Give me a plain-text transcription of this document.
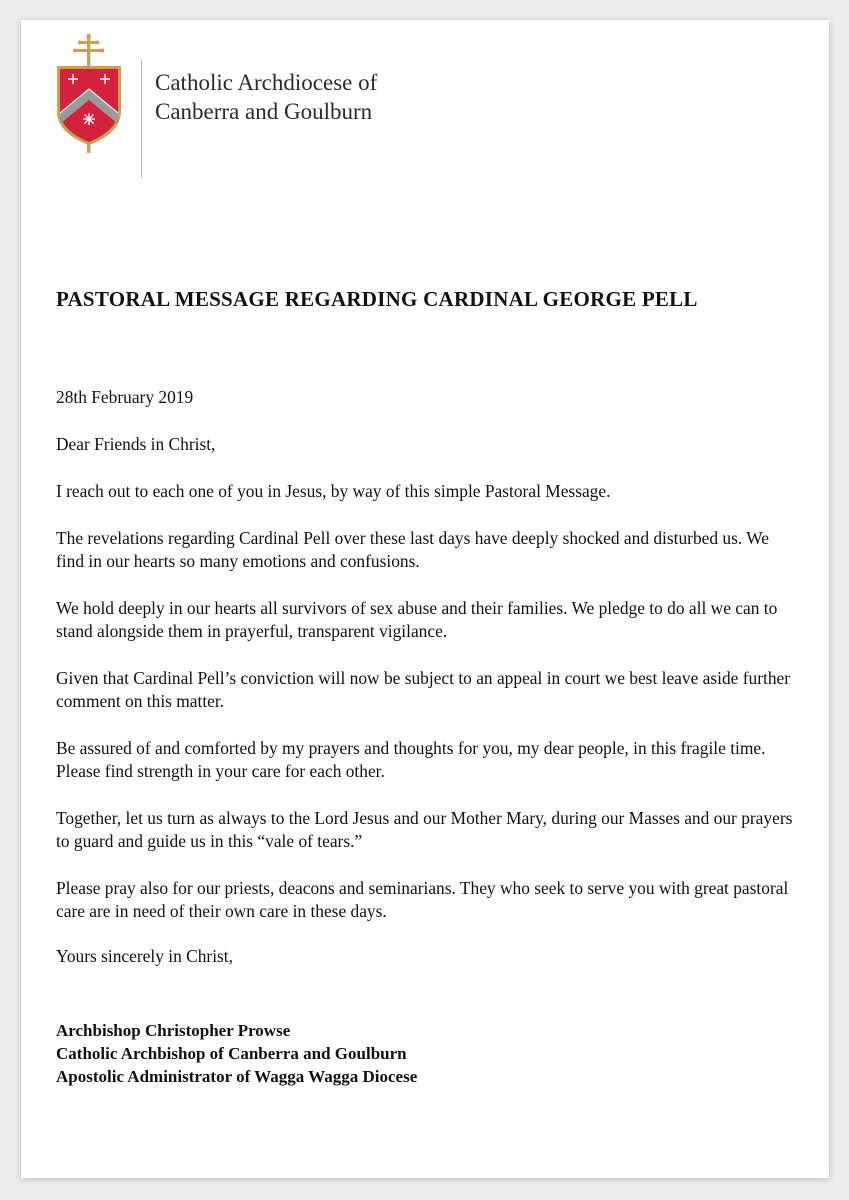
Catholic Archdiocese of
Canberra and Goulburn
PASTORAL MESSAGE REGARDING CARDINAL GEORGE PELL
28th February 2019
Dear Friends in Christ,

I reach out to each one of you in Jesus, by way of this simple Pastoral Message.

The revelations regarding Cardinal Pell over these last days have deeply shocked and disturbed us. We find in our hearts so many emotions and confusions.

We hold deeply in our hearts all survivors of sex abuse and their families. We pledge to do all we can to stand alongside them in prayerful, transparent vigilance.

Given that Cardinal Pell’s conviction will now be subject to an appeal in court we best leave aside further comment on this matter.

Be assured of and comforted by my prayers and thoughts for you, my dear people, in this fragile time. Please find strength in your care for each other.

Together, let us turn as always to the Lord Jesus and our Mother Mary, during our Masses and our prayers to guard and guide us in this “vale of tears.”

Please pray also for our priests, deacons and seminarians. They who seek to serve you with great pastoral care are in need of their own care in these days.

Yours sincerely in Christ,
Archbishop Christopher Prowse
Catholic Archbishop of Canberra and Goulburn
Apostolic Administrator of Wagga Wagga Diocese
